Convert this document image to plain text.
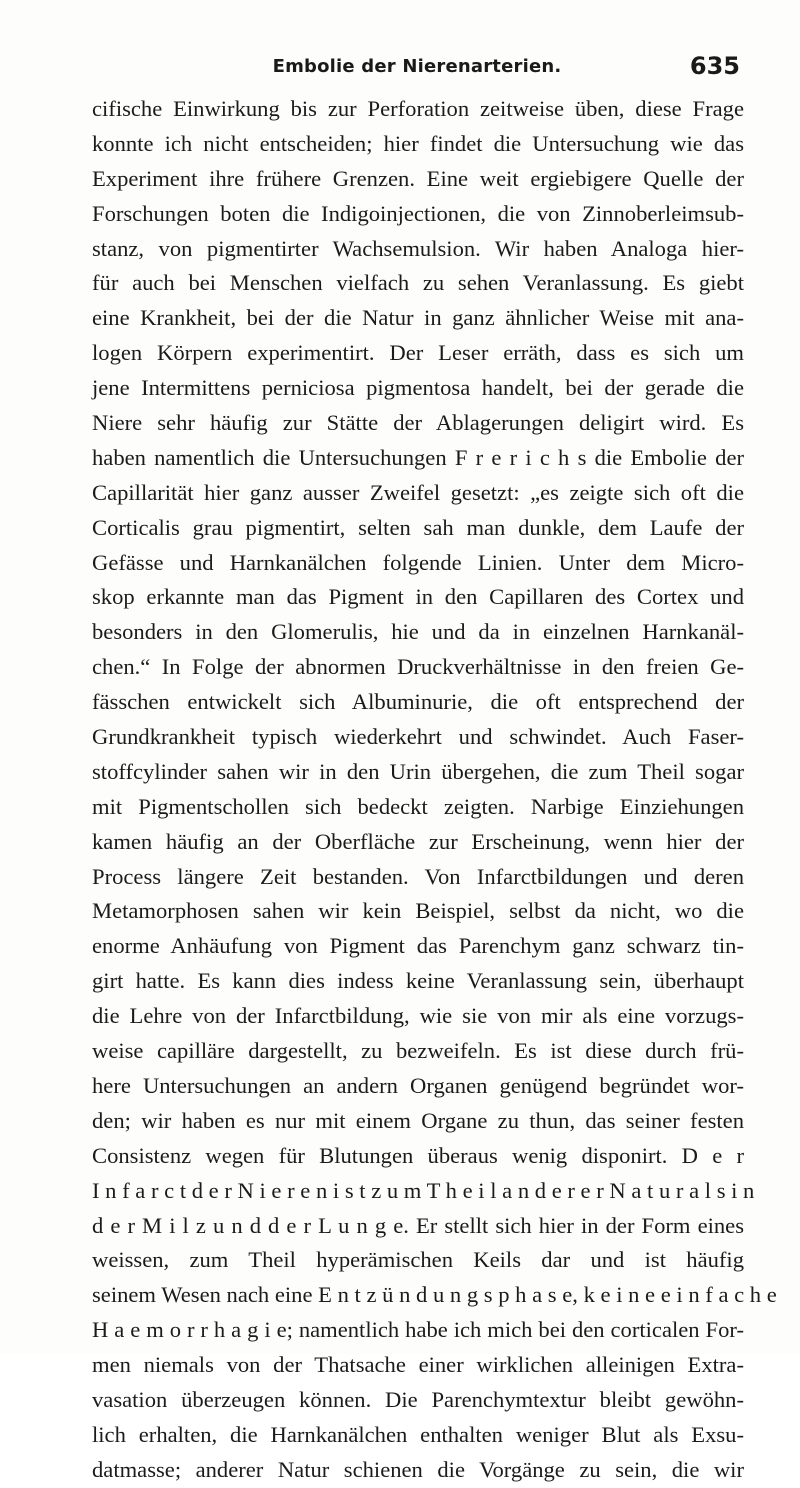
Embolie der Nierenarterien.	635
cifische Einwirkung bis zur Perforation zeitweise üben, diese Frage
konnte ich nicht entscheiden; hier findet die Untersuchung wie das
Experiment ihre frühere Grenzen. Eine weit ergiebigere Quelle der
Forschungen boten die Indigoinjectionen, die von Zinnoberleimsub-
stanz, von pigmentirter Wachsemulsion. Wir haben Analoga hier-
für auch bei Menschen vielfach zu sehen Veranlassung. Es giebt
eine Krankheit, bei der die Natur in ganz ähnlicher Weise mit ana-
logen Körpern experimentirt. Der Leser erräth, dass es sich um
jene Intermittens perniciosa pigmentosa handelt, bei der gerade die
Niere sehr häufig zur Stätte der Ablagerungen deligirt wird. Es
haben namentlich die Untersuchungen F r e r i c h s die Embolie der
Capillarität hier ganz ausser Zweifel gesetzt: „es zeigte sich oft die
Corticalis grau pigmentirt, selten sah man dunkle, dem Laufe der
Gefässe und Harnkanälchen folgende Linien. Unter dem Micro-
skop erkannte man das Pigment in den Capillaren des Cortex und
besonders in den Glomerulis, hie und da in einzelnen Harnkanäl-
chen.“ In Folge der abnormen Druckverhältnisse in den freien Ge-
fässchen entwickelt sich Albuminurie, die oft entsprechend der
Grundkrankheit typisch wiederkehrt und schwindet. Auch Faser-
stoffcylinder sahen wir in den Urin übergehen, die zum Theil sogar
mit Pigmentschollen sich bedeckt zeigten. Narbige Einziehungen
kamen häufig an der Oberfläche zur Erscheinung, wenn hier der
Process längere Zeit bestanden. Von Infarctbildungen und deren
Metamorphosen sahen wir kein Beispiel, selbst da nicht, wo die
enorme Anhäufung von Pigment das Parenchym ganz schwarz tin-
girt hatte. Es kann dies indess keine Veranlassung sein, überhaupt
die Lehre von der Infarctbildung, wie sie von mir als eine vorzugs-
weise capilläre dargestellt, zu bezweifeln. Es ist diese durch frü-
here Untersuchungen an andern Organen genügend begründet wor-
den; wir haben es nur mit einem Organe zu thun, das seiner festen
Consistenz wegen für Blutungen überaus wenig disponirt. D e r
I n f a r c t d e r N i e r e n i s t z u m T h e i l a n d e r e r N a t u r a l s i n
d e r M i l z u n d d e r L u n g e. Er stellt sich hier in der Form eines
weissen, zum Theil hyperämischen Keils dar und ist häufig
seinem Wesen nach eine E n t z ü n d u n g s p h a s e, k e i n e e i n f a c h e
H a e m o r r h a g i e; namentlich habe ich mich bei den corticalen For-
men niemals von der Thatsache einer wirklichen alleinigen Extra-
vasation überzeugen können. Die Parenchymtextur bleibt gewöhn-
lich erhalten, die Harnkanälchen enthalten weniger Blut als Exsu-
datmasse; anderer Natur schienen die Vorgänge zu sein, die wir
